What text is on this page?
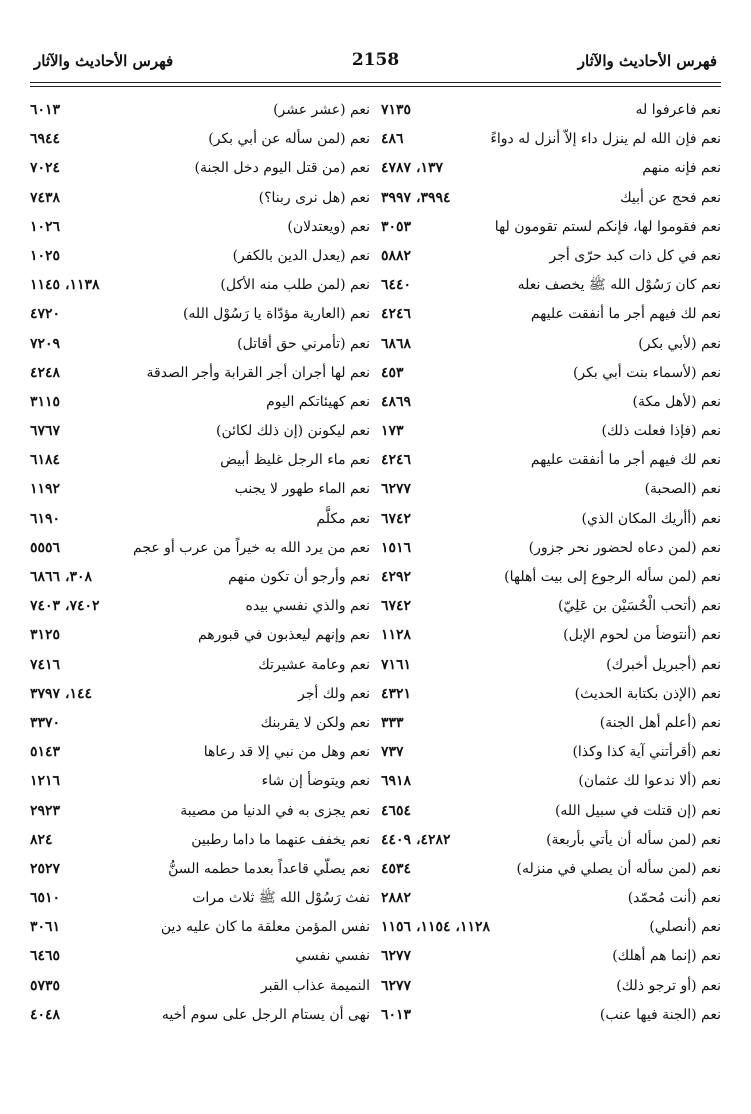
فهرس الأحاديث والآثار
2158
فهرس الأحاديث والآثار
نعم فاعرفوا له
٧١٣٥
نعم فإن الله لم ينزل داء إلاّ أنزل له دواءً
٤٨٦
نعم فإنه منهم
١٣٧، ٤٧٨٧
نعم فحج عن أبيك
٣٩٩٤، ٣٩٩٧
نعم فقوموا لها، فإنكم لستم تقومون لها
٣٠٥٣
نعم في كل ذات كبد حرّى أجر
٥٨٨٢
نعم كان رَسُوْل الله ﷺ يخصف نعله
٦٤٤٠
نعم لك فيهم أجر ما أنفقت عليهم
٤٢٤٦
نعم (لأبي بكر)
٦٨٦٨
نعم (لأسماء بنت أبي بكر)
٤٥٣
نعم (لأهل مكة)
٤٨٦٩
نعم (فإذا فعلت ذلك)
١٧٣
نعم لك فيهم أجر ما أنفقت عليهم
٤٢٤٦
نعم (الصحبة)
٦٢٧٧
نعم (أأريك المكان الذي)
٦٧٤٢
نعم (لمن دعاه لحضور نحر جزور)
١٥١٦
نعم (لمن سأله الرجوع إلى بيت أهلها)
٤٢٩٢
نعم (أتحب الْحُسَيْن بن عَلِيّ)
٦٧٤٢
نعم (أنتوضأ من لحوم الإبل)
١١٢٨
نعم (أجبريل أخبرك)
٧١٦١
نعم (الإذن بكتابة الحديث)
٤٣٢١
نعم (أعلم أهل الجنة)
٣٣٣
نعم (أقرأتني آية كذا وكذا)
٧٣٧
نعم (ألا ندعوا لك عثمان)
٦٩١٨
نعم (إن قتلت في سبيل الله)
٤٦٥٤
نعم (لمن سأله أن يأتي بأربعة)
٤٢٨٢، ٤٤٠٩
نعم (لمن سأله أن يصلي في منزله)
٤٥٣٤
نعم (أنت مُحمّد)
٢٨٨٢
نعم (أنصلي)
١١٢٨، ١١٥٤، ١١٥٦
نعم (إنما هم أهلك)
٦٢٧٧
نعم (أو ترجو ذلك)
٦٢٧٧
نعم (الجنة فيها عنب)
٦٠١٣
نعم (عشر عشر)
٦٠١٣
نعم (لمن سأله عن أبي بكر)
٦٩٤٤
نعم (من قتل اليوم دخل الجنة)
٧٠٢٤
نعم (هل نرى ربنا؟)
٧٤٣٨
نعم (ويعتدلان)
١٠٢٦
نعم (يعدل الدين بالكفر)
١٠٢٥
نعم (لمن طلب منه الأكل)
١١٣٨، ١١٤٥
نعم (العارية مؤدّاة يا رَسُوْل الله)
٤٧٢٠
نعم (تأمرني حق أقاتل)
٧٢٠٩
نعم لها أجران أجر القرابة وأجر الصدقة
٤٢٤٨
نعم كهيئاتكم اليوم
٣١١٥
نعم ليكونن (إن ذلك لكائن)
٦٧٦٧
نعم ماء الرجل غليظ أبيض
٦١٨٤
نعم الماء طهور لا يجنب
١١٩٢
نعم مكلَّم
٦١٩٠
نعم من يرد الله به خيراً من عرب أو عجم
٥٥٥٦
نعم وأرجو أن تكون منهم
٣٠٨، ٦٨٦٦
نعم والذي نفسي بيده
٧٤٠٢، ٧٤٠٣
نعم وإنهم ليعذبون في قبورهم
٣١٢٥
نعم وعامة عشيرتك
٧٤١٦
نعم ولك أجر
١٤٤، ٣٧٩٧
نعم ولكن لا يقربنك
٣٣٧٠
نعم وهل من نبي إلا قد رعاها
٥١٤٣
نعم ويتوضأ إن شاء
١٢١٦
نعم يجزى به في الدنيا من مصيبة
٢٩٢٣
نعم يخفف عنهما ما داما رطبين
٨٢٤
نعم يصلّي قاعداً بعدما حطمه السنُّ
٢٥٢٧
نفث رَسُوْل الله ﷺ ثلاث مرات
٦٥١٠
نفس المؤمن معلقة ما كان عليه دين
٣٠٦١
نفسي نفسي
٦٤٦٥
النميمة عذاب القبر
٥٧٣٥
نهى أن يستام الرجل على سوم أخيه
٤٠٤٨
